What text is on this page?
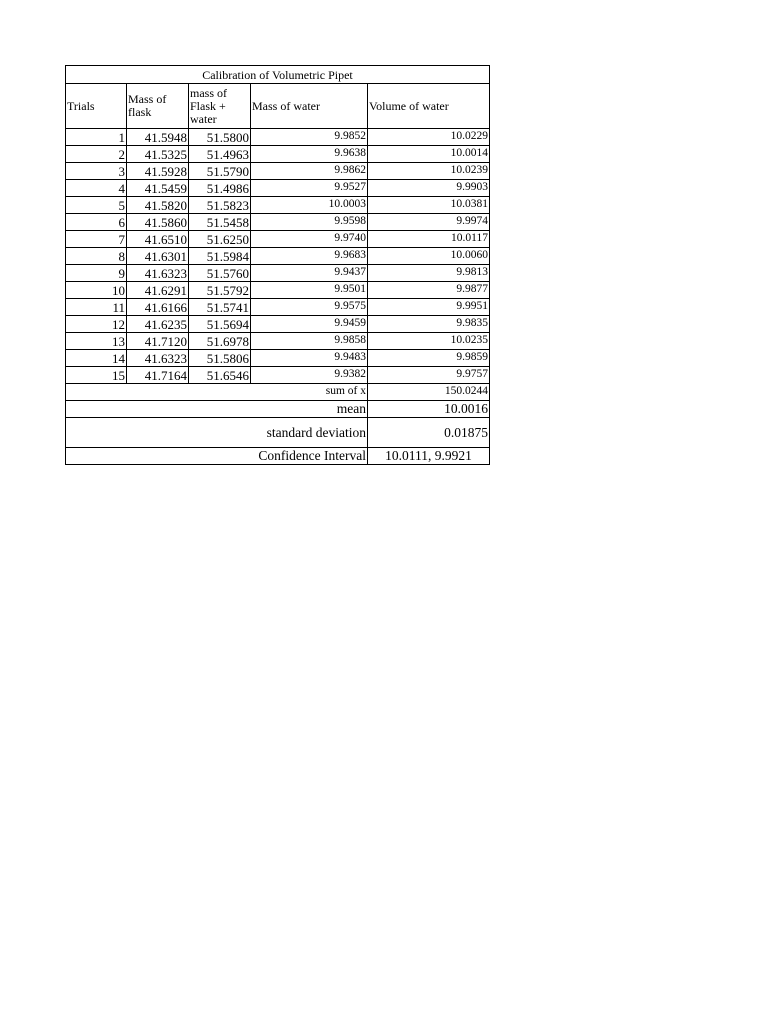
Calibration of Volumetric Pipet				
Trials	Mass of flask	mass of Flask + water	Mass of water	Volume of water
1	41.5948	51.5800	9.9852	10.0229
2	41.5325	51.4963	9.9638	10.0014
3	41.5928	51.5790	9.9862	10.0239
4	41.5459	51.4986	9.9527	9.9903
5	41.5820	51.5823	10.0003	10.0381
6	41.5860	51.5458	9.9598	9.9974
7	41.6510	51.6250	9.9740	10.0117
8	41.6301	51.5984	9.9683	10.0060
9	41.6323	51.5760	9.9437	9.9813
10	41.6291	51.5792	9.9501	9.9877
11	41.6166	51.5741	9.9575	9.9951
12	41.6235	51.5694	9.9459	9.9835
13	41.7120	51.6978	9.9858	10.0235
14	41.6323	51.5806	9.9483	9.9859
15	41.7164	51.6546	9.9382	9.9757
sum of x				150.0244
mean				10.0016
standard deviation				0.01875
Confidence Interval				10.0111, 9.9921
